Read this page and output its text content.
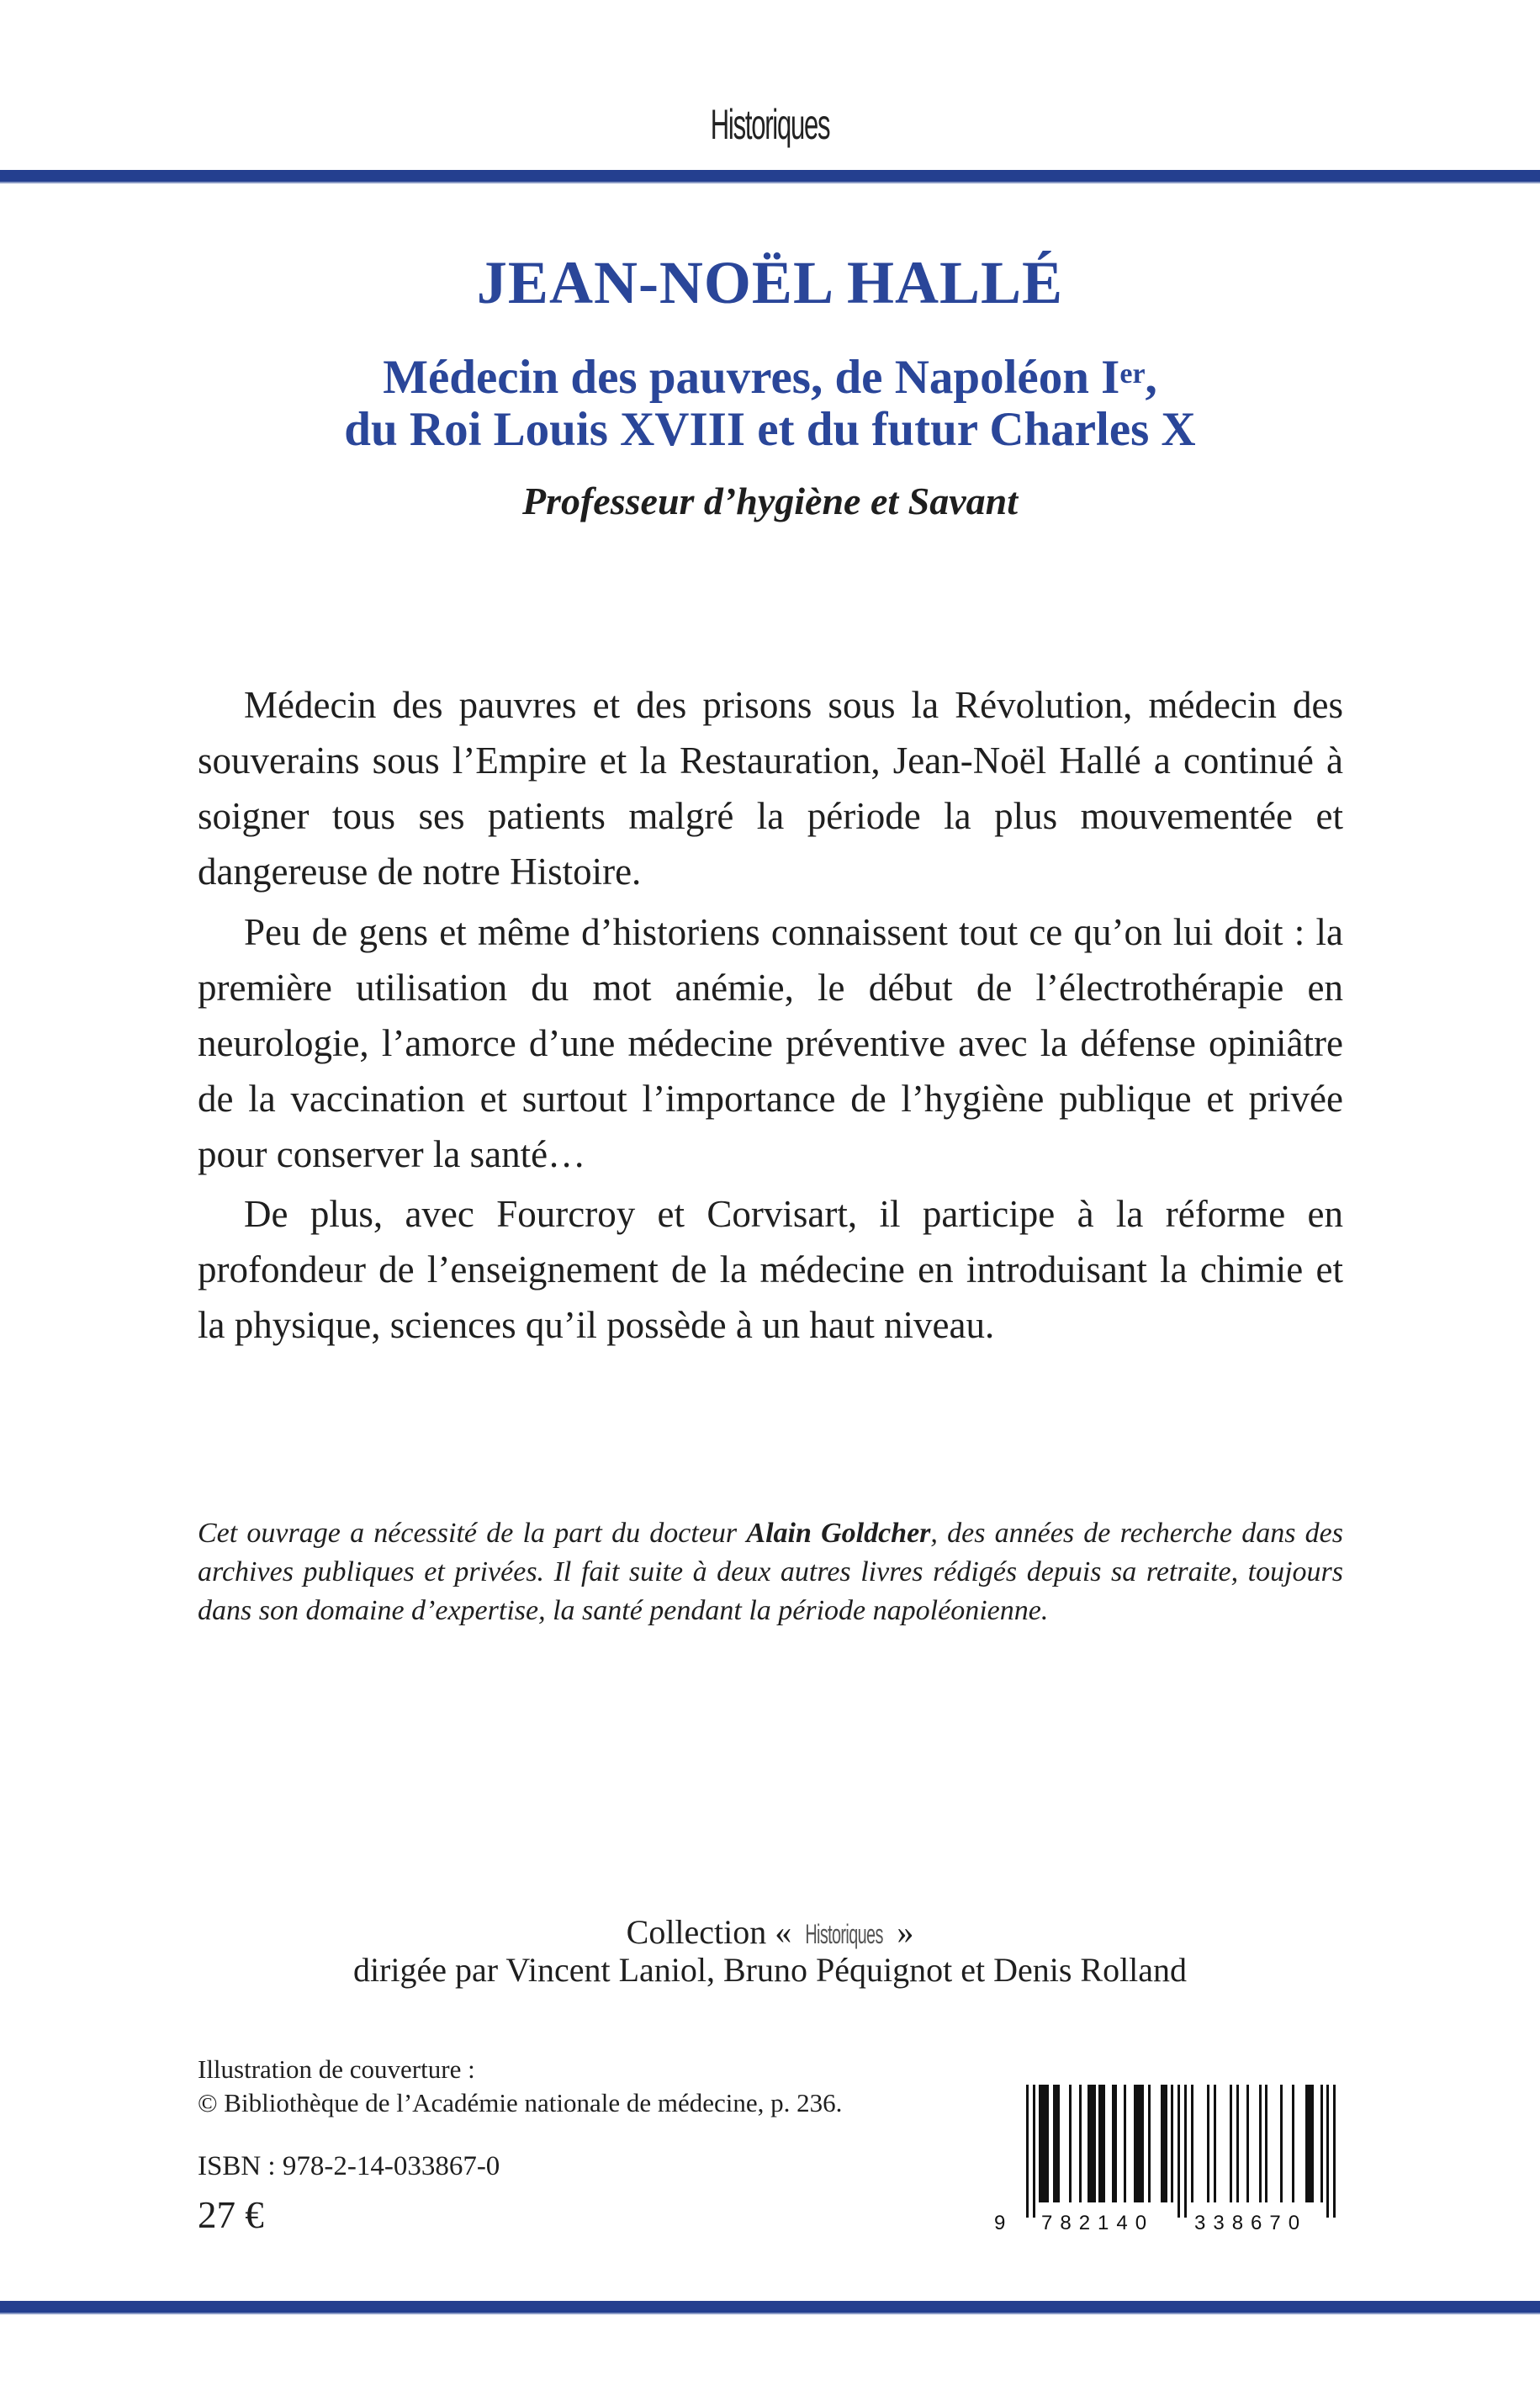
Historiques
JEAN-NOËL HALLÉ
Médecin des pauvres, de Napoléon Ier,
du Roi Louis XVIII et du futur Charles X
Professeur d’hygiène et Savant
Médecin des pauvres et des prisons sous la Révolution, médecin des souverains sous l’Empire et la Restauration, Jean-Noël Hallé a continué à soigner tous ses patients malgré la période la plus mouvementée et dangereuse de notre Histoire.
Peu de gens et même d’historiens connaissent tout ce qu’on lui doit : la première utilisation du mot anémie, le début de l’électrothérapie en neurologie, l’amorce d’une médecine préventive avec la défense opiniâtre de la vaccination et surtout l’importance de l’hygiène publique et privée pour conserver la santé…
De plus, avec Fourcroy et Corvisart, il participe à la réforme en profondeur de l’enseignement de la médecine en introduisant la chimie et la physique, sciences qu’il possède à un haut niveau.
Cet ouvrage a nécessité de la part du docteur Alain Goldcher, des années de recherche dans des archives publiques et privées. Il fait suite à deux autres livres rédigés depuis sa retraite, toujours dans son domaine d’expertise, la santé pendant la période napoléonienne.
Collection « Historiques »
dirigée par Vincent Laniol, Bruno Péquignot et Denis Rolland
Illustration de couverture :
© Bibliothèque de l’Académie nationale de médecine, p. 236.
ISBN : 978-2-14-033867-0
27 €	9 782140 338670
